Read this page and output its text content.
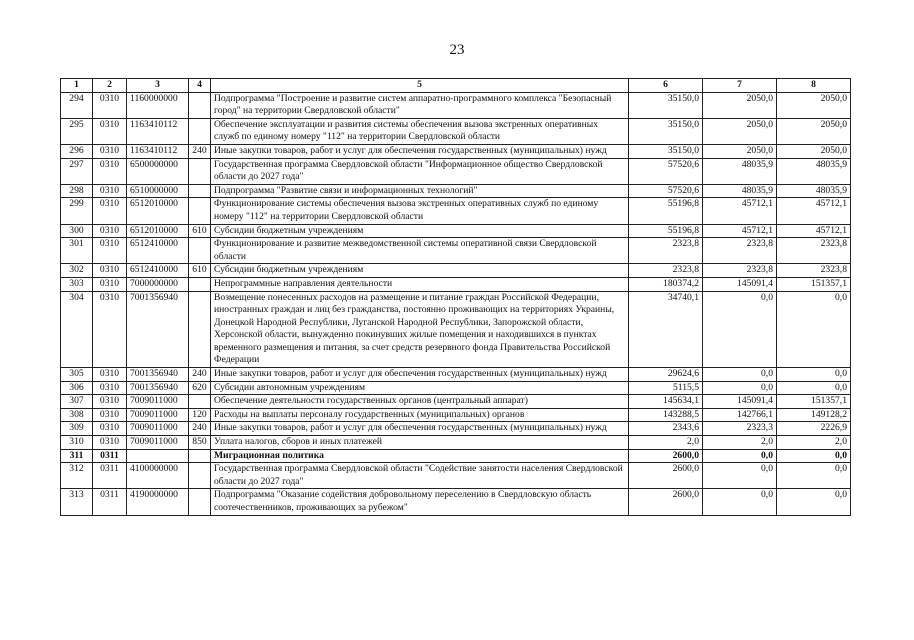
23
1	2	3	4	5	6	7	8
294	0310	1160000000		Подпрограмма "Построение и развитие систем аппаратно-программного комплекса "Безопасный город" на территории Свердловской области"	35150,0	2050,0	2050,0
295	0310	1163410112		Обеспечение эксплуатации и развития системы обеспечения вызова экстренных оперативных служб по единому номеру "112" на территории Свердловской области	35150,0	2050,0	2050,0
296	0310	1163410112	240	Иные закупки товаров, работ и услуг для обеспечения государственных (муниципальных) нужд	35150,0	2050,0	2050,0
297	0310	6500000000		Государственная программа Свердловской области "Информационное общество Свердловской области до 2027 года"	57520,6	48035,9	48035,9
298	0310	6510000000		Подпрограмма "Развитие связи и информационных технологий"	57520,6	48035,9	48035,9
299	0310	6512010000		Функционирование системы обеспечения вызова экстренных оперативных служб по единому номеру "112" на территории Свердловской области	55196,8	45712,1	45712,1
300	0310	6512010000	610	Субсидии бюджетным учреждениям	55196,8	45712,1	45712,1
301	0310	6512410000		Функционирование и развитие межведомственной системы оперативной связи Свердловской области	2323,8	2323,8	2323,8
302	0310	6512410000	610	Субсидии бюджетным учреждениям	2323,8	2323,8	2323,8
303	0310	7000000000		Непрограммные направления деятельности	180374,2	145091,4	151357,1
304	0310	7001356940		Возмещение понесенных расходов на размещение и питание граждан Российской Федерации, иностранных граждан и лиц без гражданства, постоянно проживающих на территориях Украины, Донецкой Народной Республики, Луганской Народной Республики, Запорожской области, Херсонской области, вынужденно покинувших жилые помещения и находившихся в пунктах временного размещения и питания, за счет средств резервного фонда Правительства Российской Федерации	34740,1	0,0	0,0
305	0310	7001356940	240	Иные закупки товаров, работ и услуг для обеспечения государственных (муниципальных) нужд	29624,6	0,0	0,0
306	0310	7001356940	620	Субсидии автономным учреждениям	5115,5	0,0	0,0
307	0310	7009011000		Обеспечение деятельности государственных органов (центральный аппарат)	145634,1	145091,4	151357,1
308	0310	7009011000	120	Расходы на выплаты персоналу государственных (муниципальных) органов	143288,5	142766,1	149128,2
309	0310	7009011000	240	Иные закупки товаров, работ и услуг для обеспечения государственных (муниципальных) нужд	2343,6	2323,3	2226,9
310	0310	7009011000	850	Уплата налогов, сборов и иных платежей	2,0	2,0	2,0
311	0311			Миграционная политика	2600,0	0,0	0,0
312	0311	4100000000		Государственная программа Свердловской области "Содействие занятости населения Свердловской области до 2027 года"	2600,0	0,0	0,0
313	0311	4190000000		Подпрограмма "Оказание содействия добровольному переселению в Свердловскую область соотечественников, проживающих за рубежом"	2600,0	0,0	0,0
